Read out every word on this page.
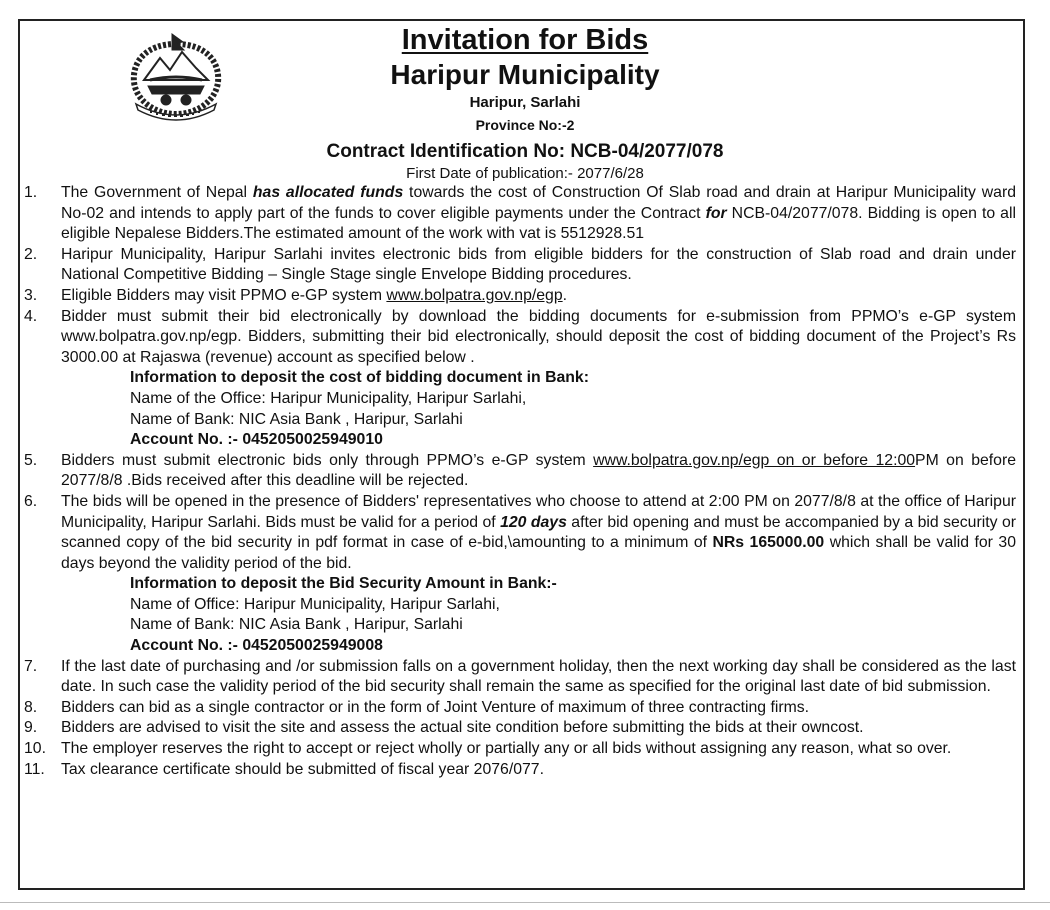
Invitation for Bids
Haripur Municipality
Haripur, Sarlahi
Province No:-2
Contract Identification No: NCB-04/2077/078
First Date of publication:- 2077/6/28
1.	The Government of Nepal has allocated funds towards the cost of Construction Of Slab road and drain at Haripur Municipality ward No-02 and intends to apply part of the funds to cover eligible payments under the Contract for NCB-04/2077/078. Bidding is open to all eligible Nepalese Bidders.The estimated amount of the work with vat is 5512928.51
2.	Haripur Municipality, Haripur Sarlahi invites electronic bids from eligible bidders for the construction of Slab road and drain under National Competitive Bidding – Single Stage single Envelope Bidding procedures.
3.	Eligible Bidders may visit PPMO e-GP system www.bolpatra.gov.np/egp.
4.	Bidder must submit their bid electronically by download the bidding documents for e-submission from PPMO’s e-GP system www.bolpatra.gov.np/egp. Bidders, submitting their bid electronically, should deposit the cost of bidding document of the Project’s Rs 3000.00 at Rajaswa (revenue) account as specified below .
Information to deposit the cost of bidding document in Bank:
Name of the Office: Haripur Municipality, Haripur Sarlahi,
Name of Bank: NIC Asia Bank , Haripur, Sarlahi
Account No. :- 0452050025949010
5.	Bidders must submit electronic bids only through PPMO’s e-GP system www.bolpatra.gov.np/egp on or before 12:00PM on before 2077/8/8 .Bids received after this deadline will be rejected.
6.	The bids will be opened in the presence of Bidders' representatives who choose to attend at 2:00 PM on 2077/8/8 at the office of Haripur Municipality, Haripur Sarlahi. Bids must be valid for a period of 120 days after bid opening and must be accompanied by a bid security or scanned copy of the bid security in pdf format in case of e-bid,\amounting to a minimum of NRs 165000.00 which shall be valid for 30 days beyond the validity period of the bid.
Information to deposit the Bid Security Amount in Bank:-
Name of Office: Haripur Municipality, Haripur Sarlahi,
Name of Bank: NIC Asia Bank , Haripur, Sarlahi
Account No. :- 0452050025949008
7.	If the last date of purchasing and /or submission falls on a government holiday, then the next working day shall be considered as the last date. In such case the validity period of the bid security shall remain the same as specified for the original last date of bid submission.
8.	Bidders can bid as a single contractor or in the form of Joint Venture of maximum of three contracting firms.
9.	Bidders are advised to visit the site and assess the actual site condition before submitting the bids at their owncost.
10. The employer reserves the right to accept or reject wholly or partially any or all bids without assigning any reason, what so over.
11.	Tax clearance certificate should be submitted of fiscal year 2076/077.
